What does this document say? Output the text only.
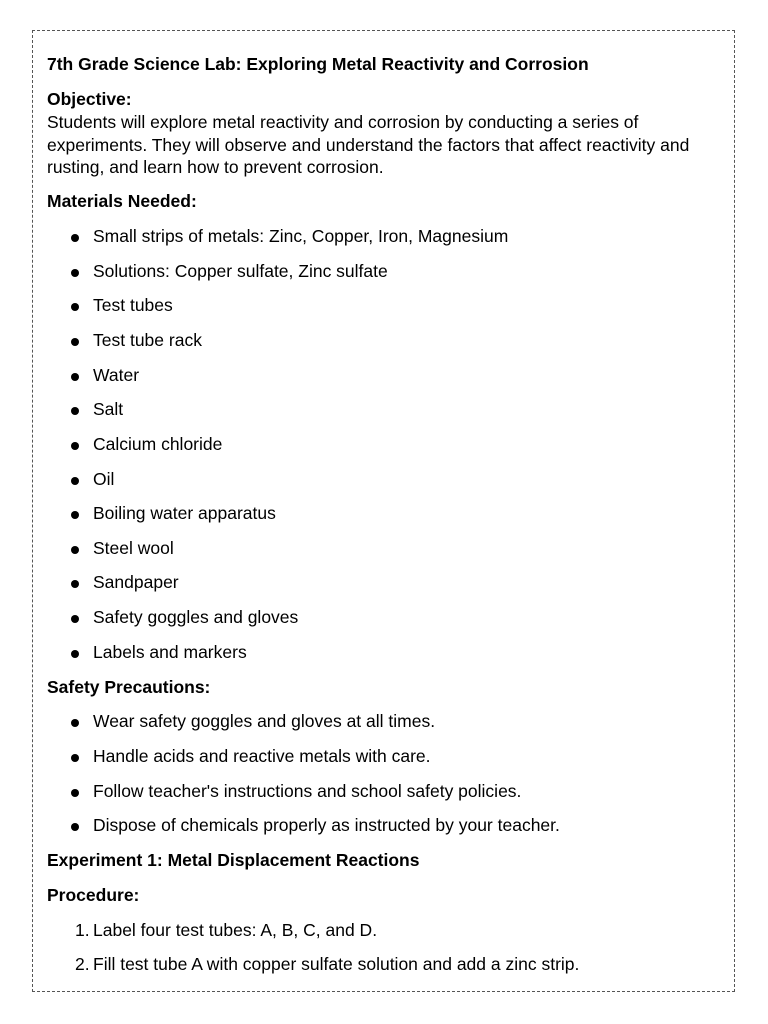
7th Grade Science Lab: Exploring Metal Reactivity and Corrosion
Objective:
Students will explore metal reactivity and corrosion by conducting a series of experiments. They will observe and understand the factors that affect reactivity and rusting, and learn how to prevent corrosion.
Materials Needed:
Small strips of metals: Zinc, Copper, Iron, Magnesium
Solutions: Copper sulfate, Zinc sulfate
Test tubes
Test tube rack
Water
Salt
Calcium chloride
Oil
Boiling water apparatus
Steel wool
Sandpaper
Safety goggles and gloves
Labels and markers
Safety Precautions:
Wear safety goggles and gloves at all times.
Handle acids and reactive metals with care.
Follow teacher's instructions and school safety policies.
Dispose of chemicals properly as instructed by your teacher.
Experiment 1: Metal Displacement Reactions
Procedure:
1. Label four test tubes: A, B, C, and D.
2. Fill test tube A with copper sulfate solution and add a zinc strip.
